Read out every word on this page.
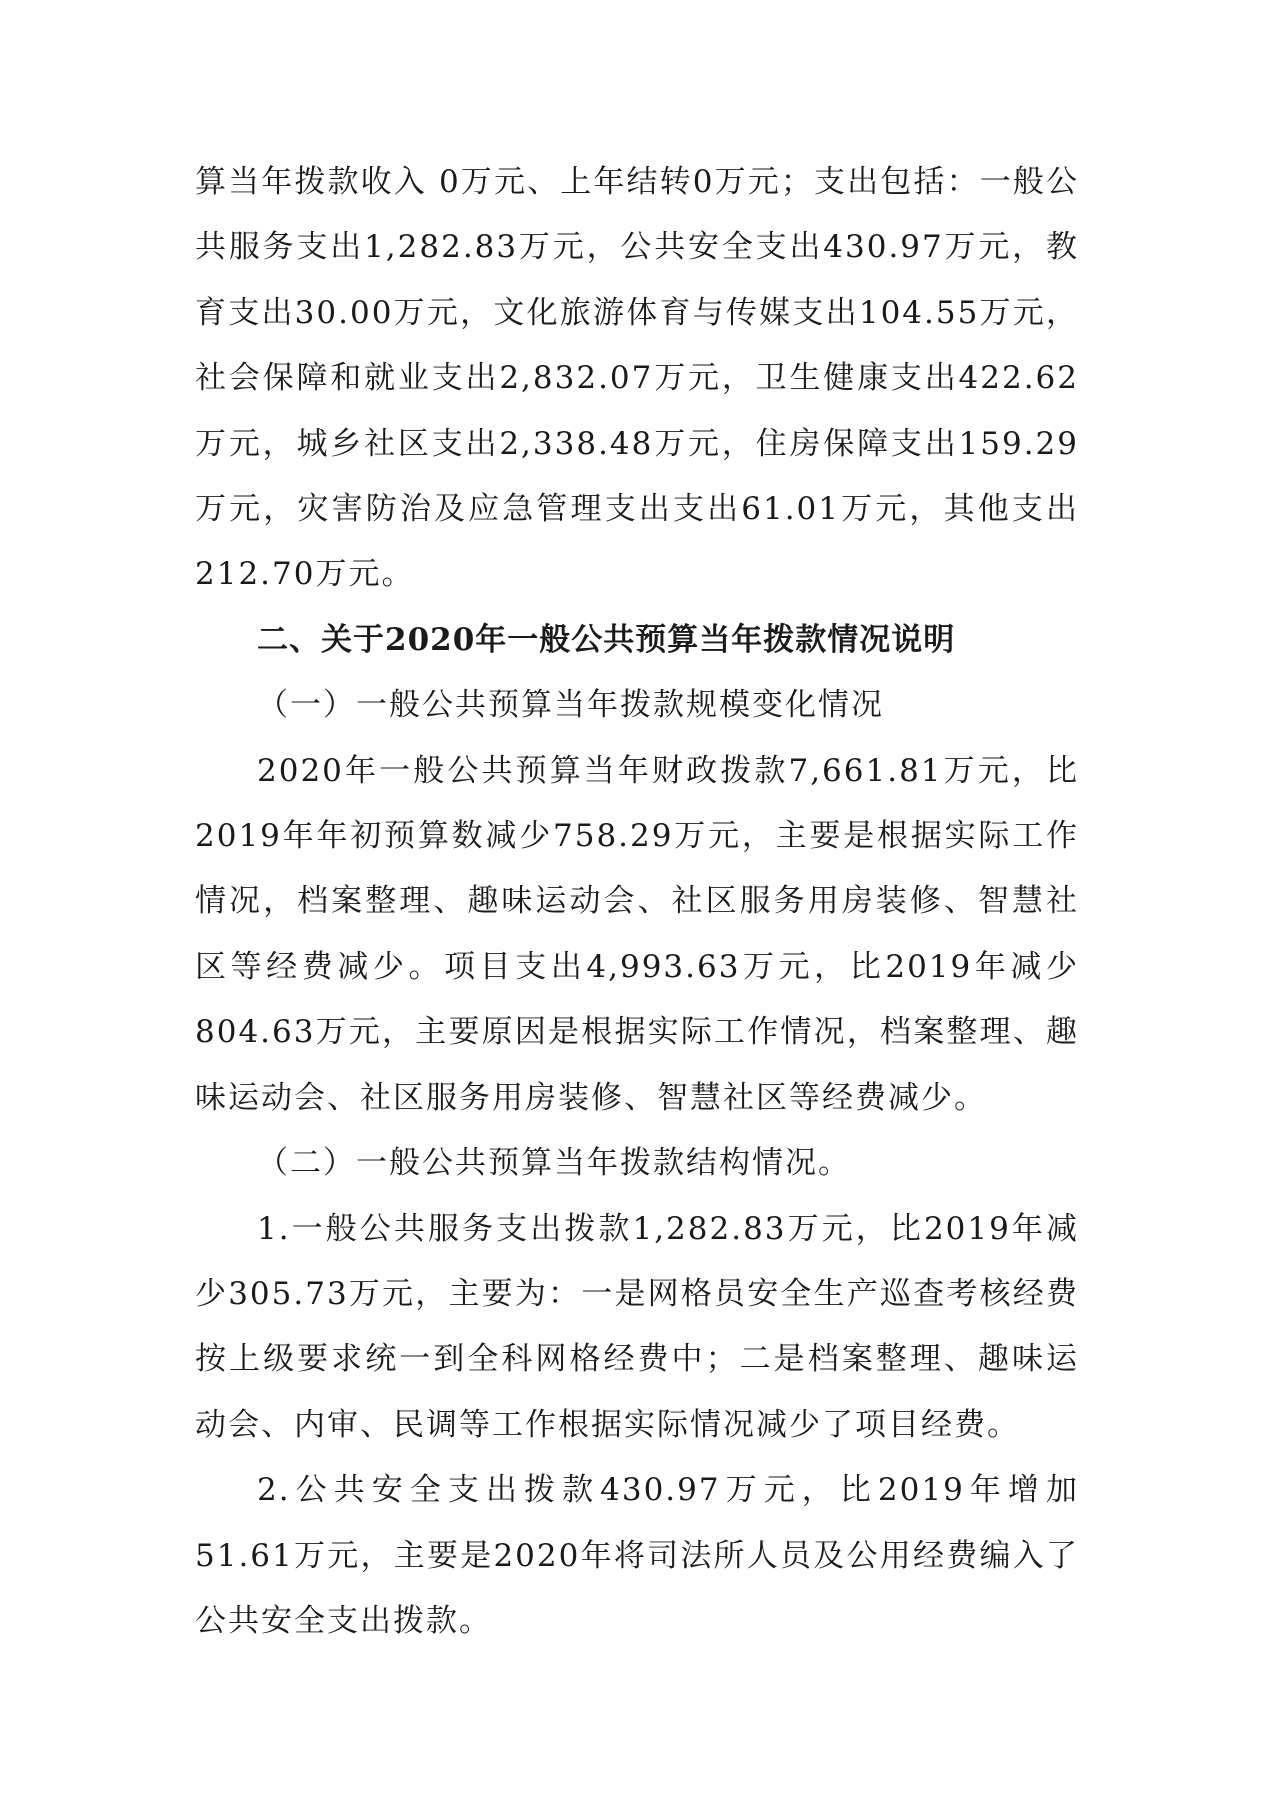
算当年拨款收入 0万元、上年结转0万元；支出包括：一般公共服务支出1,282.83万元，公共安全支出430.97万元，教育支出30.00万元，文化旅游体育与传媒支出104.55万元，社会保障和就业支出2,832.07万元，卫生健康支出422.62万元，城乡社区支出2,338.48万元，住房保障支出159.29万元，灾害防治及应急管理支出支出61.01万元，其他支出212.70万元。

二、关于2020年一般公共预算当年拨款情况说明

（一）一般公共预算当年拨款规模变化情况

2020年一般公共预算当年财政拨款7,661.81万元，比2019年年初预算数减少758.29万元，主要是根据实际工作情况，档案整理、趣味运动会、社区服务用房装修、智慧社区等经费减少。项目支出4,993.63万元，比2019年减少804.63万元，主要原因是根据实际工作情况，档案整理、趣味运动会、社区服务用房装修、智慧社区等经费减少。

（二）一般公共预算当年拨款结构情况。

1.一般公共服务支出拨款1,282.83万元，比2019年减少305.73万元，主要为：一是网格员安全生产巡查考核经费按上级要求统一到全科网格经费中；二是档案整理、趣味运动会、内审、民调等工作根据实际情况减少了项目经费。

2.公共安全支出拨款430.97万元，比2019年增加51.61万元，主要是2020年将司法所人员及公用经费编入了公共安全支出拨款。
